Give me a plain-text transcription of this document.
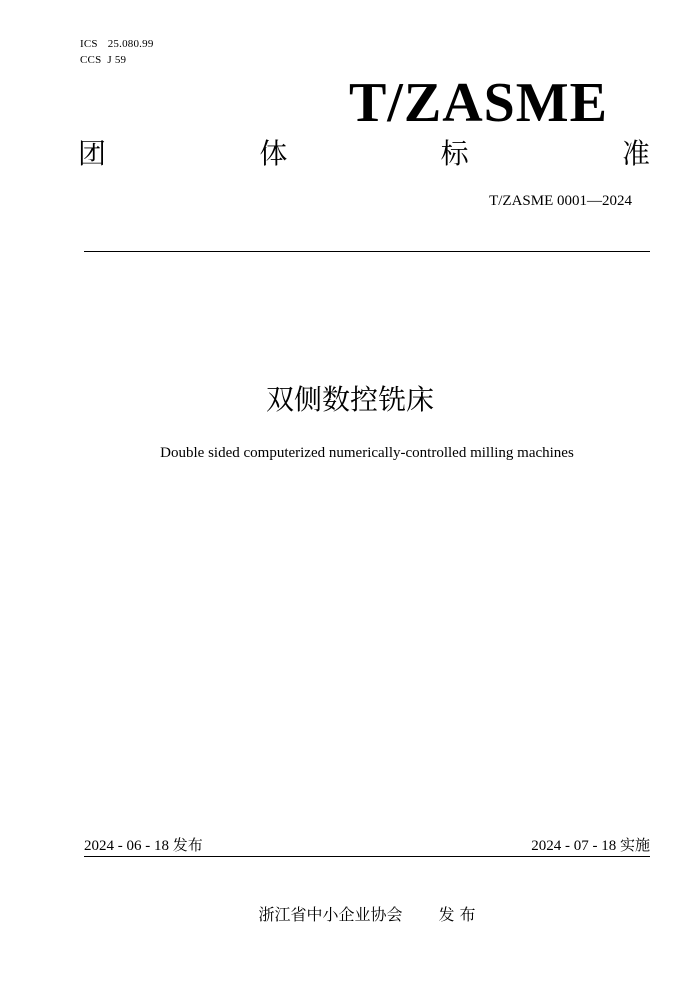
ICS 25.080.99
CCS J 59
T/ZASME
团	体	标	准
T/ZASME 0001—2024
双侧数控铣床
Double sided computerized numerically-controlled milling machines
2024 - 06 - 18 发布	2024 - 07 - 18 实施
浙江省中小企业协会 发 布
